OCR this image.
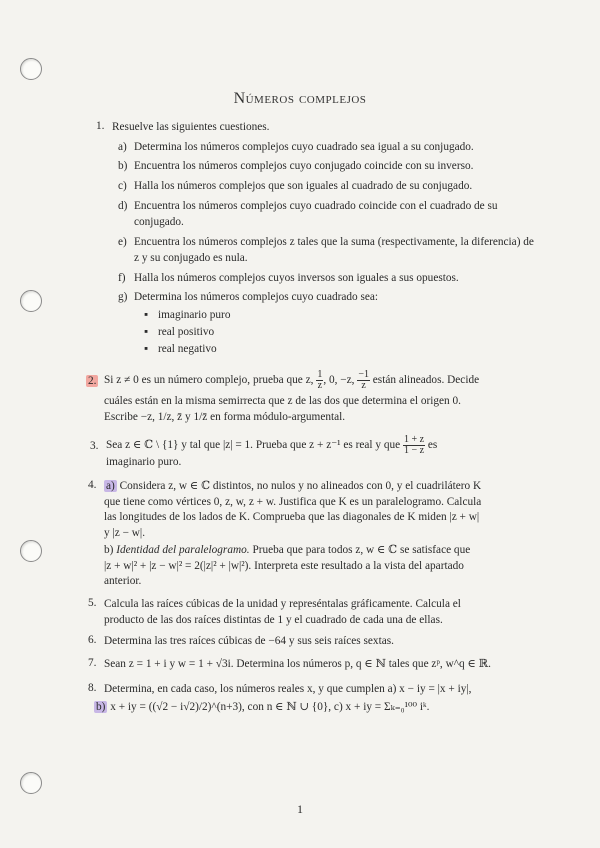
Números complejos
1. Resuelve las siguientes cuestiones.
a) Determina los números complejos cuyo cuadrado sea igual a su conjugado.
b) Encuentra los números complejos cuyo conjugado coincide con su inverso.
c) Halla los números complejos que son iguales al cuadrado de su conjugado.
d) Encuentra los números complejos cuyo cuadrado coincide con el cuadrado de su conjugado.
e) Encuentra los números complejos z tales que la suma (respectivamente, la diferencia) de z y su conjugado es nula.
f) Halla los números complejos cuyos inversos son iguales a sus opuestos.
g) Determina los números complejos cuyo cuadrado sea:
▪ imaginario puro
▪ real positivo
▪ real negativo
2. Si z ≠ 0 es un número complejo, prueba que z, $\frac{1}{z}$ , 0, −z, $\frac{-1}{z}$ están alineados. Decide
cuáles están en la misma semirrecta que z de las dos que determina el origen 0.
Escribe −z, 1/z, z̄ y 1/z̄ en forma módulo-argumental.
3. Sea z ∈ ℂ \ {1} y tal que |z| = 1. Prueba que z + z⁻¹ es real y que $\frac{1 + z}{1 - z}$ es
imaginario puro.
4. a) Considera z, w ∈ ℂ distintos, no nulos y no alineados con 0, y el cuadrilátero K
que tiene como vértices 0, z, w, z + w. Justifica que K es un paralelogramo. Calcula
las longitudes de los lados de K. Comprueba que las diagonales de K miden |z + w|
y |z − w|.
b) Identidad del paralelogramo. Prueba que para todos z, w ∈ ℂ se satisface que
|z + w|² + |z − w|² = 2(|z|² + |w|²). Interpreta este resultado a la vista del apartado
anterior.
5. Calcula las raíces cúbicas de la unidad y represéntalas gráficamente. Calcula el
producto de las dos raíces distintas de 1 y el cuadrado de cada una de ellas.
6. Determina las tres raíces cúbicas de −64 y sus seis raíces sextas.
7. Sean z = 1 + i y w = 1 + √3i. Determina los números p, q ∈ ℕ tales que zᵖ, w^q ∈ ℝ.
8. Determina, en cada caso, los números reales x, y que cumplen a) x − iy = |x + iy|,
b) x + iy = ((√2 − i√2)/2)^(n+3), con n ∈ ℕ ∪ {0}, c) x + iy = Σₖ₌₀¹⁰⁰ iᵏ.
1
